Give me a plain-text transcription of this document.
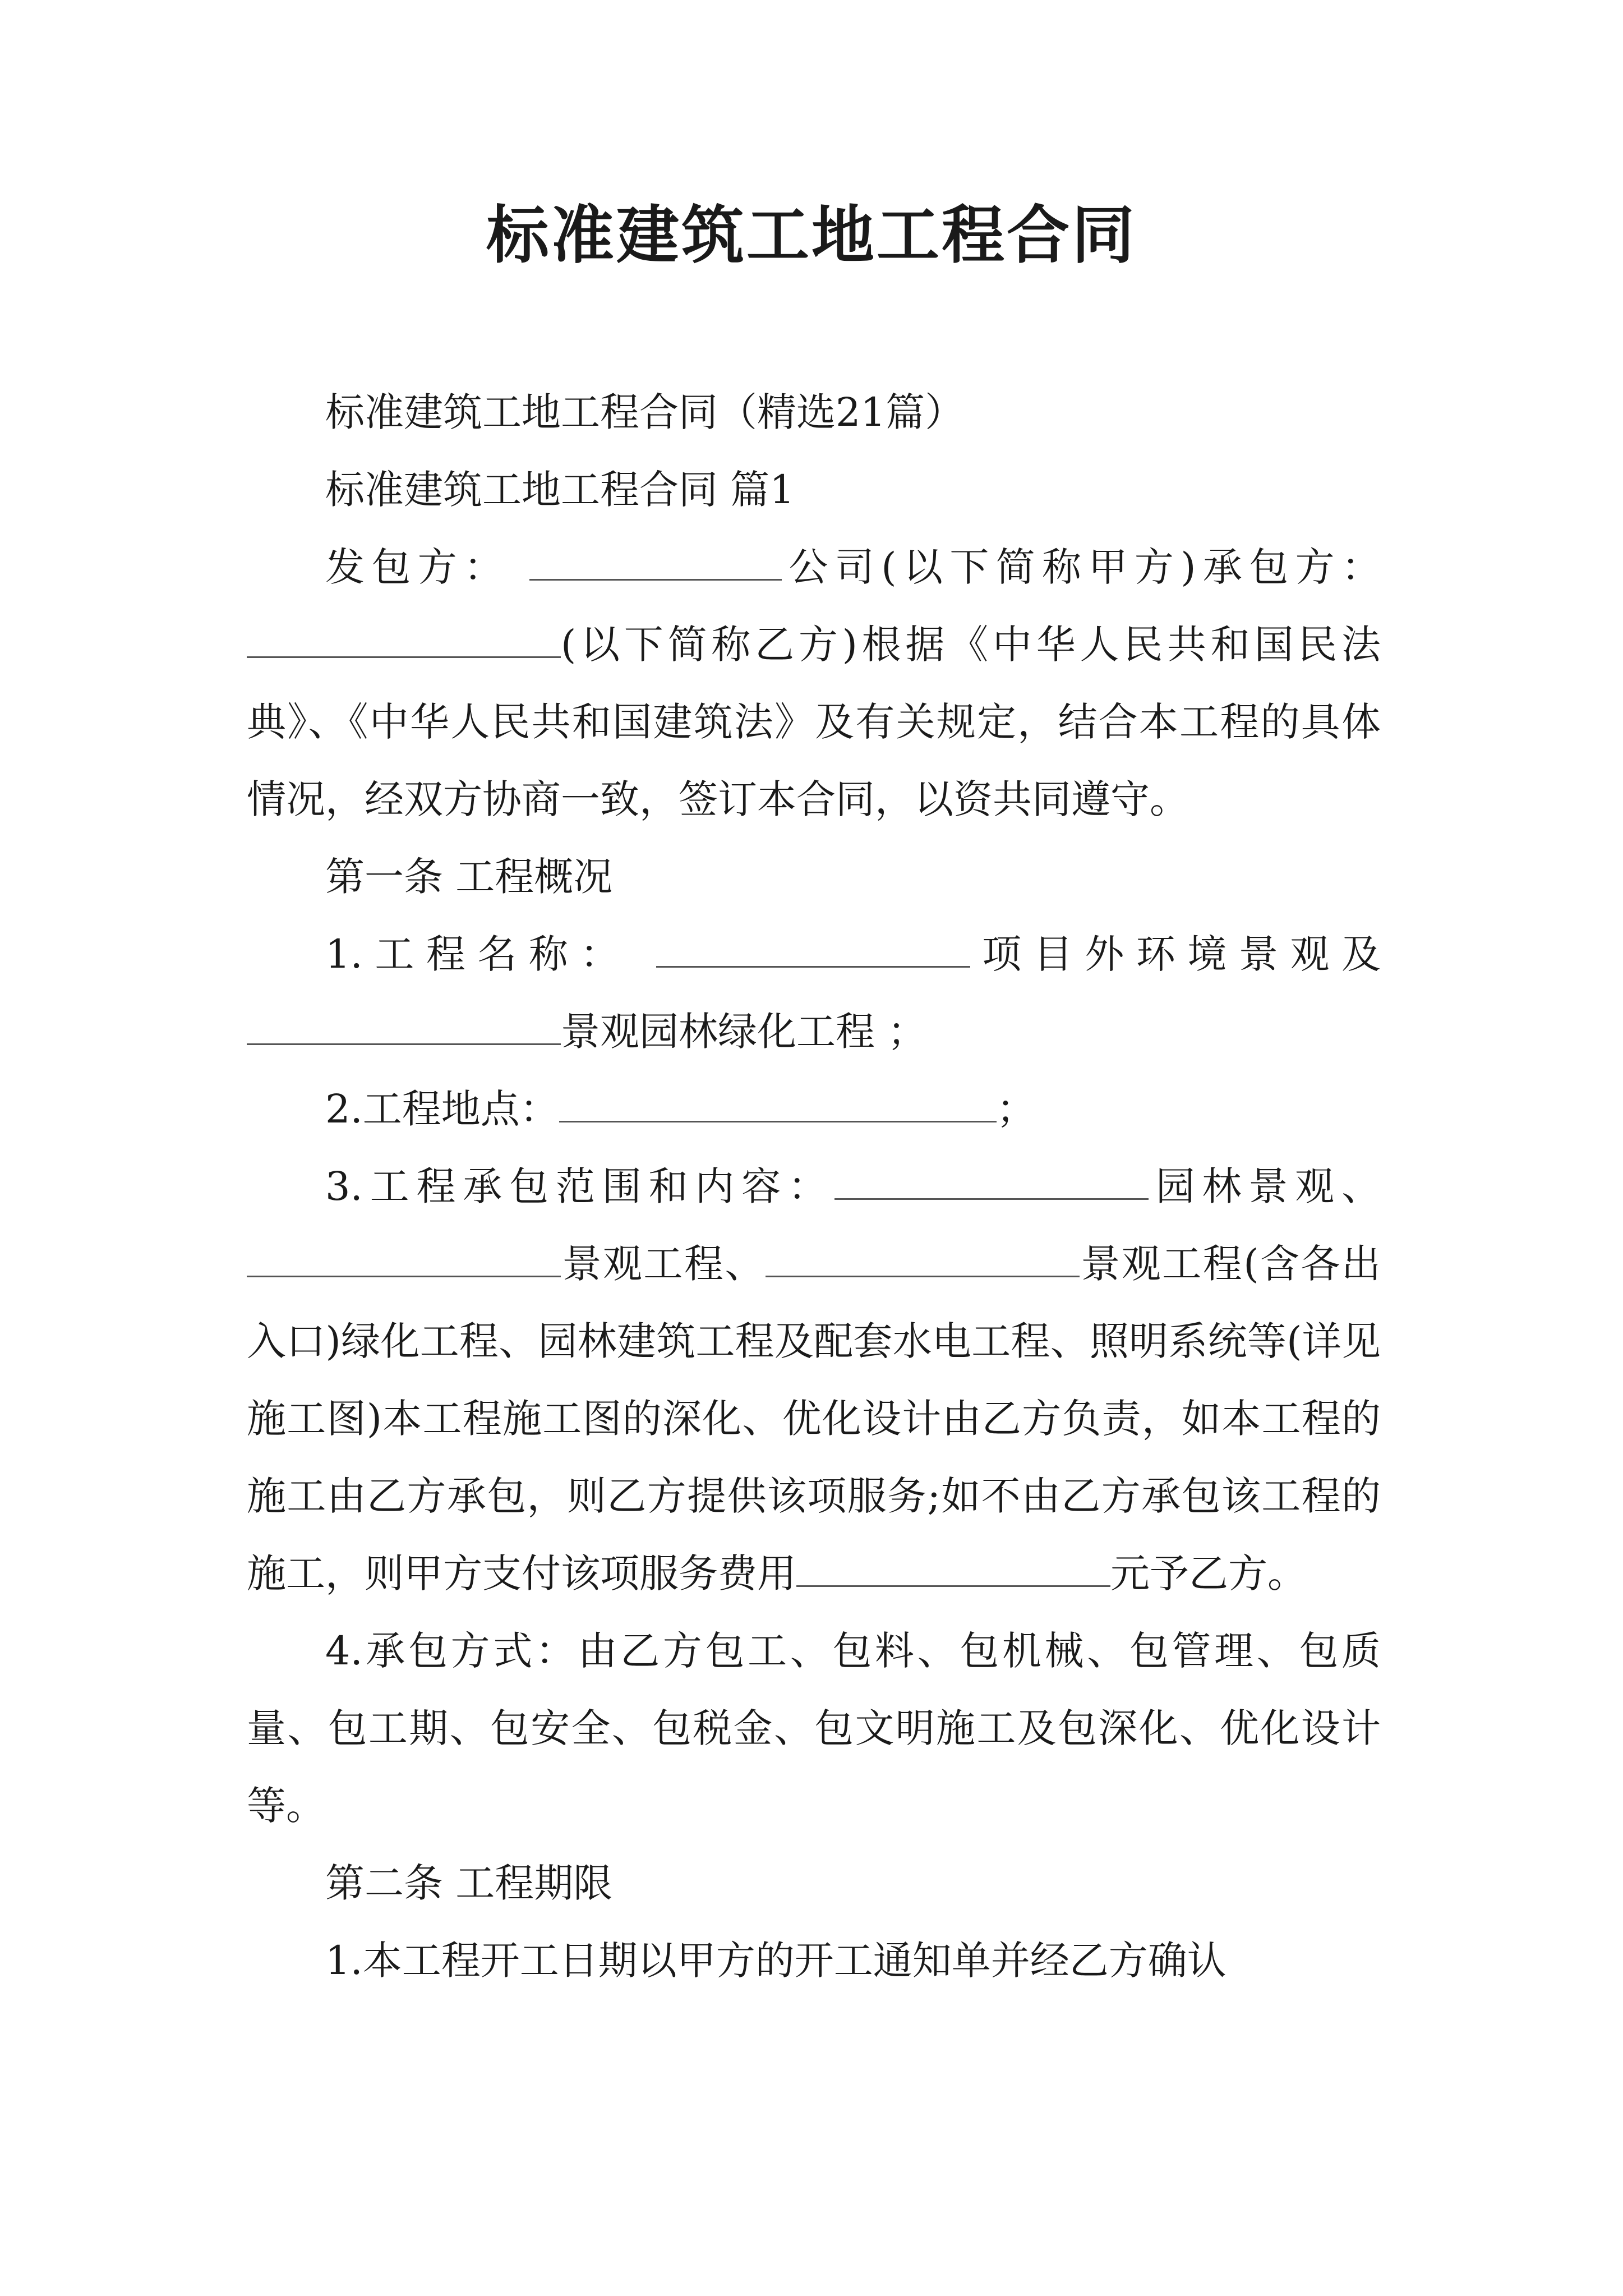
标准建筑工地工程合同

标准建筑工地工程合同（精选21篇）

标准建筑工地工程合同 篇1

发包方：	公司(以下简称甲方)承包方：(以下简称乙方)根据《中华人民共和国民法典》、《中华人民共和国建筑法》及有关规定，结合本工程的具体情况，经双方协商一致，签订本合同，以资共同遵守。

第一条 工程概况

1.工程名称：	项目外环境景观及景观园林绿化工程 ；

2.工程地点：	；

3.工程承包范围和内容：	园林景观、景观工程、	景观工程(含各出入口)绿化工程、园林建筑工程及配套水电工程、照明系统等(详见施工图)本工程施工图的深化、优化设计由乙方负责，如本工程的施工由乙方承包，则乙方提供该项服务;如不由乙方承包该工程的施工，则甲方支付该项服务费用	元予乙方。

4.承包方式：由乙方包工、包料、包机械、包管理、包质量、包工期、包安全、包税金、包文明施工及包深化、优化设计等。

第二条 工程期限

1.本工程开工日期以甲方的开工通知单并经乙方确认
